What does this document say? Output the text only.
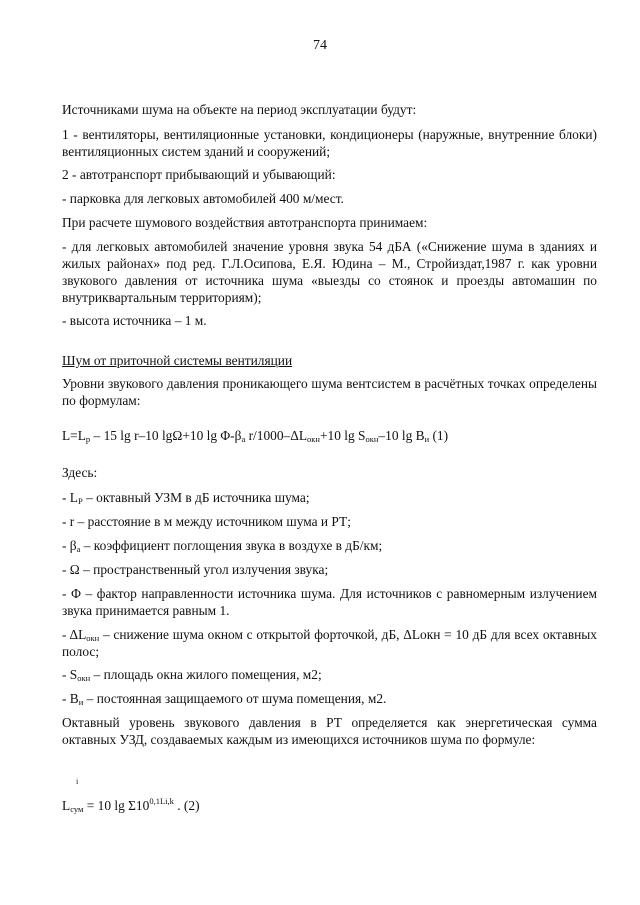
74
Источниками шума на объекте на период эксплуатации будут:
1 - вентиляторы, вентиляционные установки, кондиционеры (наружные, внутренние блоки) вентиляционных систем зданий и сооружений;
2 - автотранспорт прибывающий и убывающий:
- парковка для легковых автомобилей 400 м/мест.
При расчете шумового воздействия автотранспорта принимаем:
- для легковых автомобилей значение уровня звука 54 дБА («Снижение шума в зданиях и жилых районах» под ред. Г.Л.Осипова, Е.Я. Юдина – М., Стройиздат,1987 г. как уровни звукового давления от источника шума «выезды со стоянок и проезды автомашин по внутриквартальным территориям);
- высота источника – 1 м.
Шум от приточной системы вентиляции
Уровни звукового давления проникающего шума вентсистем в расчётных точках определены по формулам:
$L=L_р - 15$ lg r–10 lgΩ+10 $\lg \Phi-\beta_а$ $r/1000-\Delta L_{окн}+10$ $\lg S_{окн}-10$ $\lg B_и$ (1)
Здесь:
- $L_Р$ – октавный УЗМ в дБ источника шума;
- r – расстояние в м между источником шума и РТ;
- $\beta_а$ – коэффициент поглощения звука в воздухе в дБ/км;
- Ω – пространственный угол излучения звука;
- Φ – фактор направленности источника шума. Для источников с равномерным излучением звука принимается равным 1.
- $\Delta L_{окн}$ – снижение шума окном с открытой форточкой, дБ, ΔLокн = 10 дБ для всех октавных полос;
- $S_{окн}$ – площадь окна жилого помещения, м2;
- $B_и$ – постоянная защищаемого от шума помещения, м2.
Октавный уровень звукового давления в РТ определяется как энергетическая сумма октавных УЗД, создаваемых каждым из имеющихся источников шума по формуле:
i
$L_{сум} = 10$ $\lg \Sigma 10^{0,1Li,k}$ . (2)
